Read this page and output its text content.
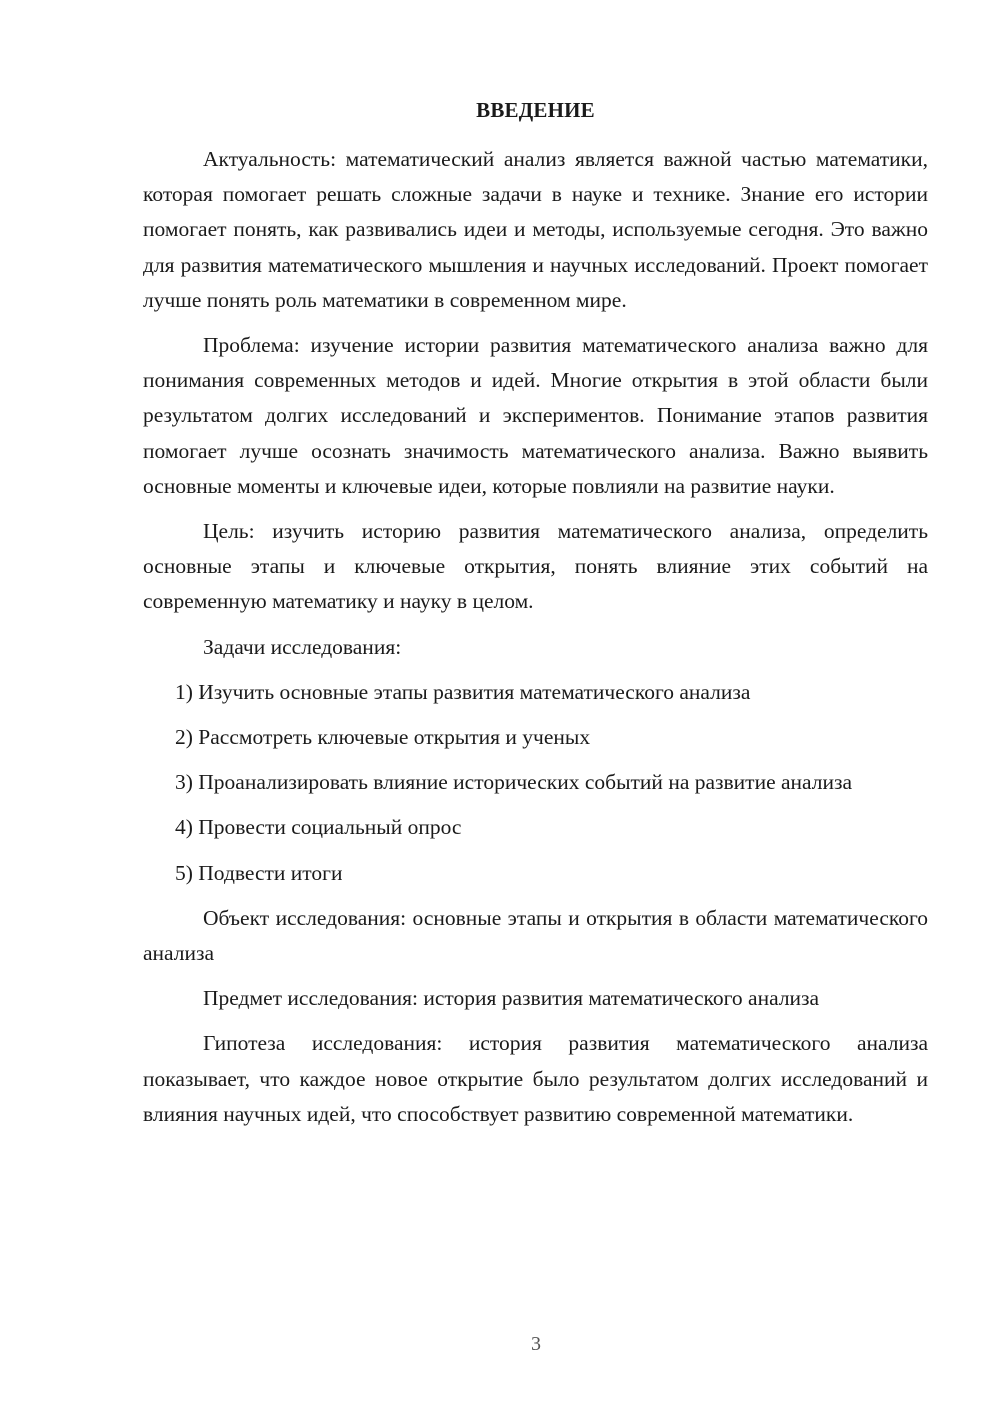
ВВЕДЕНИЕ

Актуальность: математический анализ является важной частью математики, которая помогает решать сложные задачи в науке и технике. Знание его истории помогает понять, как развивались идеи и методы, используемые сегодня. Это важно для развития математического мышления и научных исследований. Проект помогает лучше понять роль математики в современном мире.

Проблема: изучение истории развития математического анализа важно для понимания современных методов и идей. Многие открытия в этой области были результатом долгих исследований и экспериментов. Понимание этапов развития помогает лучше осознать значимость математического анализа. Важно выявить основные моменты и ключевые идеи, которые повлияли на развитие науки.

Цель: изучить историю развития математического анализа, определить основные этапы и ключевые открытия, понять влияние этих событий на современную математику и науку в целом.

Задачи исследования:

1) Изучить основные этапы развития математического анализа

2) Рассмотреть ключевые открытия и ученых

3) Проанализировать влияние исторических событий на развитие анализа

4) Провести социальный опрос

5) Подвести итоги

Объект исследования: основные этапы и открытия в области математического анализа

Предмет исследования: история развития математического анализа

Гипотеза исследования: история развития математического анализа показывает, что каждое новое открытие было результатом долгих исследований и влияния научных идей, что способствует развитию современной математики.

3
